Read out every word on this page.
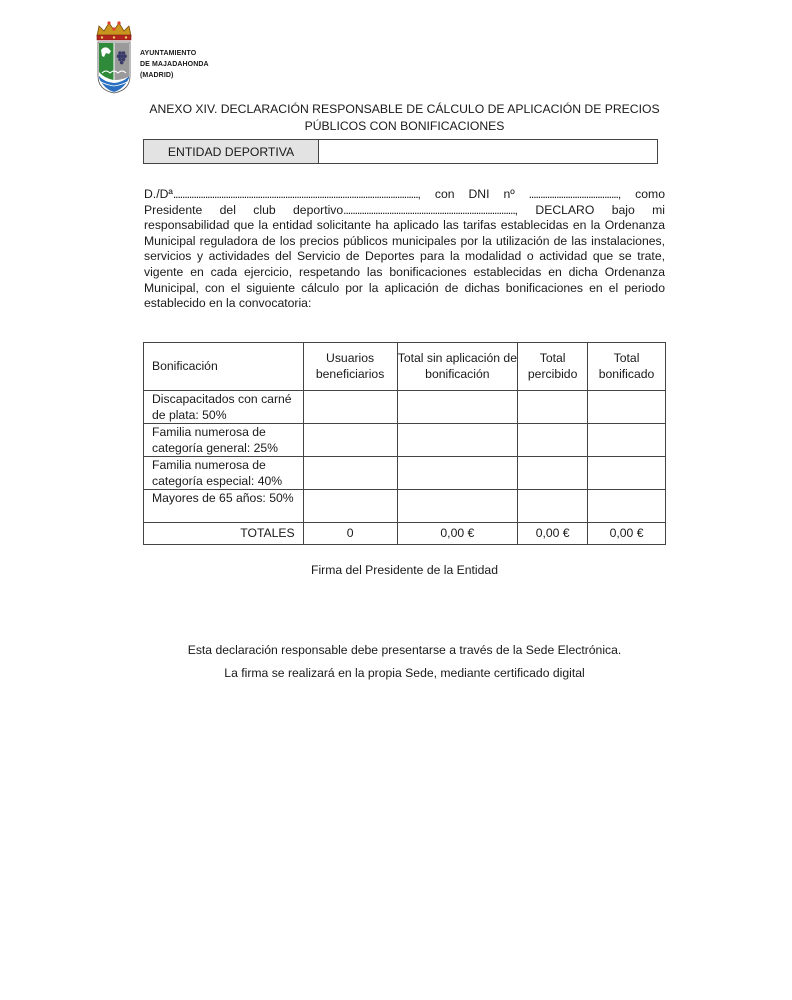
AYUNTAMIENTO
DE MAJADAHONDA
(MADRID)
ANEXO XIV. DECLARACIÓN RESPONSABLE DE CÁLCULO DE APLICACIÓN DE PRECIOS
PÚBLICOS CON BONIFICACIONES
ENTIDAD DEPORTIVA	

D./Dª..........................................................................................................., con DNI nº ......................................., como Presidente del club deportivo..........................................................................., DECLARO bajo mi responsabilidad que la entidad solicitante ha aplicado las tarifas establecidas en la Ordenanza Municipal reguladora de los precios públicos municipales por la utilización de las instalaciones, servicios y actividades del Servicio de Deportes para la modalidad o actividad que se trate, vigente en cada ejercicio, respetando las bonificaciones establecidas en dicha Ordenanza Municipal, con el siguiente cálculo por la aplicación de dichas bonificaciones en el periodo establecido en la convocatoria:

Bonificación	Usuarios beneficiarios	Total sin aplicación de bonificación	Total percibido	Total bonificado
Discapacitados con carné de plata: 50%				
Familia numerosa de categoría general: 25%				
Familia numerosa de categoría especial: 40%				
Mayores de 65 años: 50%				
TOTALES	0	0,00 €	0,00 €	0,00 €
Firma del Presidente de la Entidad
Esta declaración responsable debe presentarse a través de la Sede Electrónica.
La firma se realizará en la propia Sede, mediante certificado digital
